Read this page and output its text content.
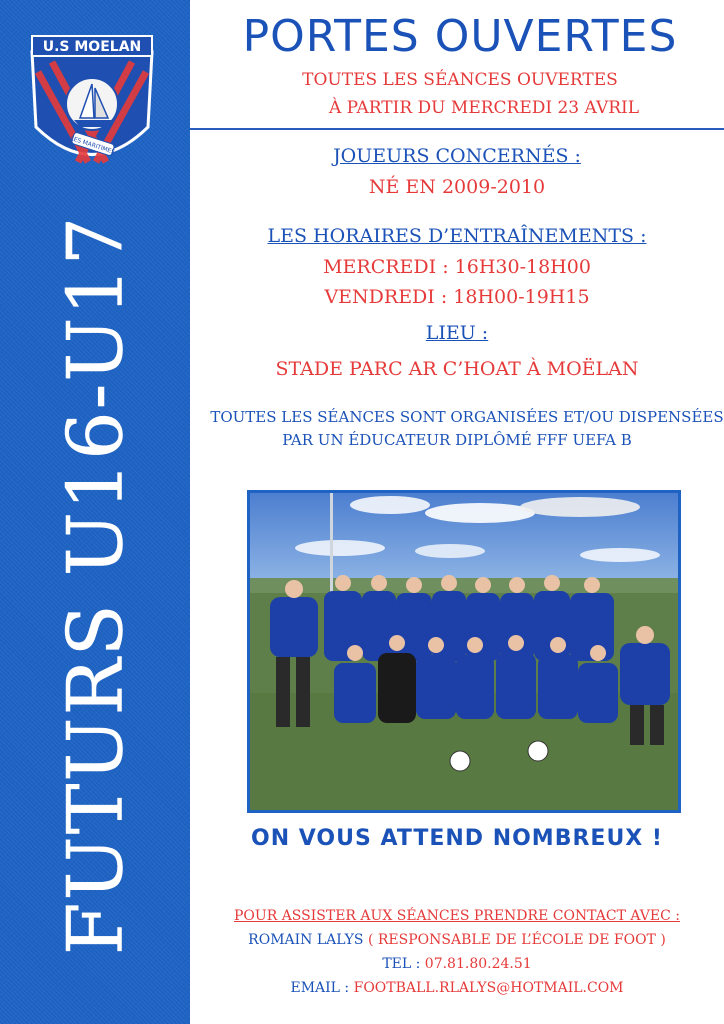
U.S MOELAN
LES MARITIMES
FUTURS U16-U17
PORTES OUVERTES
TOUTES LES SÉANCES OUVERTES
À PARTIR DU MERCREDI 23 AVRIL
JOUEURS CONCERNÉS :
NÉ EN 2009-2010
LES HORAIRES D’ENTRAÎNEMENTS :
MERCREDI : 16H30-18H00
VENDREDI : 18H00-19H15
LIEU :
STADE PARC AR C’HOAT À MOËLAN
TOUTES LES SÉANCES SONT ORGANISÉES ET/OU DISPENSÉES
PAR UN ÉDUCATEUR DIPLÔMÉ FFF UEFA B
ON VOUS ATTEND NOMBREUX !
POUR ASSISTER AUX SÉANCES PRENDRE CONTACT AVEC :
ROMAIN LALYS ( RESPONSABLE DE L’ÉCOLE DE FOOT )
TEL : 07.81.80.24.51
EMAIL : FOOTBALL.RLALYS@HOTMAIL.COM
